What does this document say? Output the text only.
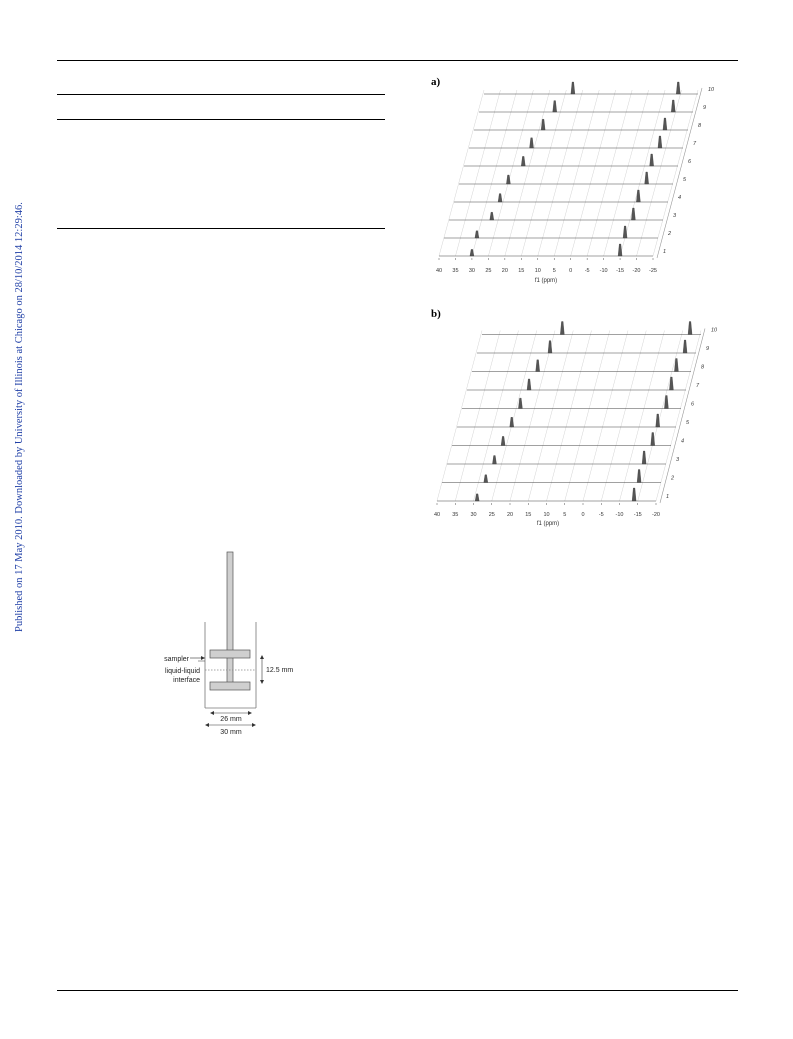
Published on 17 May 2010. Downloaded by University of Illinois at Chicago on 28/10/2014 12:29:46.
a)
b)
10
9
8
7
6
5
4
3
2
1
40 35 30 25 20 15 10 5 0 -5 -10 -15 -20 -25
f1 (ppm)
10
9
8
7
6
5
4
3
2
1
40 35 30 25 20 15 10 5	0	-5 -10 -15 -20
f1 (ppm)
sampler
liquid-liquid
interface
12.5 mm
26 mm
30 mm
